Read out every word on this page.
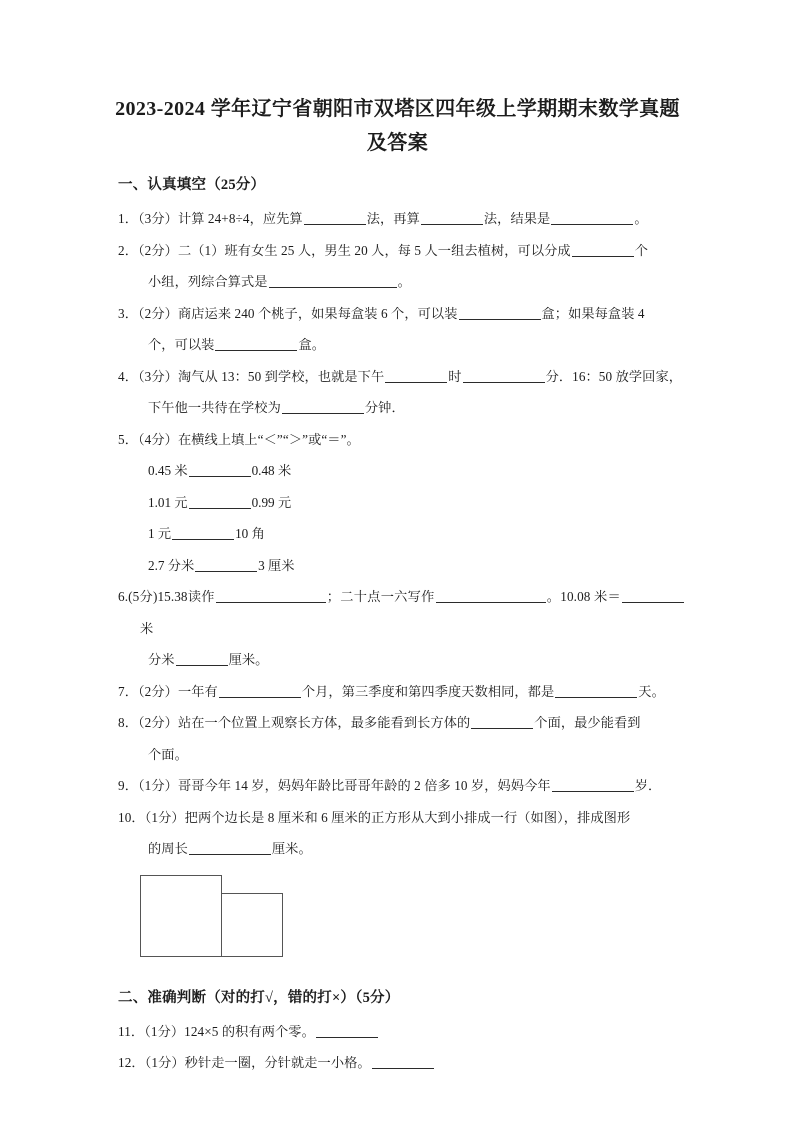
2023-2024 学年辽宁省朝阳市双塔区四年级上学期期末数学真题及答案
一、认真填空（25分）
1．（3分）计算 24+8÷4，应先算	法，再算	法，结果是	。
2．（2分）二（1）班有女生 25 人，男生 20 人，每 5 人一组去植树，可以分成	个
小组，列综合算式是	。
3．（2分）商店运来 240 个桃子，如果每盒装 6 个，可以装	盒；如果每盒装 4
个，可以装	盒。
4．（3分）淘气从 13：50 到学校，也就是下午	时	分．16：50 放学回家，
下午他一共待在学校为	分钟．
5．（4分）在横线上填上“＜”“＞”或“＝”。
0.45 米	0.48 米
1.01 元	0.99 元
1 元	10 角
2.7 分米	3 厘米
6.(5分)15.38读作	；二十点一六写作	。10.08 米＝米
分米	厘米。
7．（2分）一年有	个月，第三季度和第四季度天数相同，都是	天。
8．（2分）站在一个位置上观察长方体，最多能看到长方体的	个面，最少能看到
个面。
9．（1分）哥哥今年 14 岁，妈妈年龄比哥哥年龄的 2 倍多 10 岁，妈妈今年	岁．
10．（1分）把两个边长是 8 厘米和 6 厘米的正方形从大到小排成一行（如图），排成图形
的周长	厘米。
二、准确判断（对的打√，错的打×）（5分）
11．（1分）124×5 的积有两个零。
12．（1分）秒针走一圈，分针就走一小格。
